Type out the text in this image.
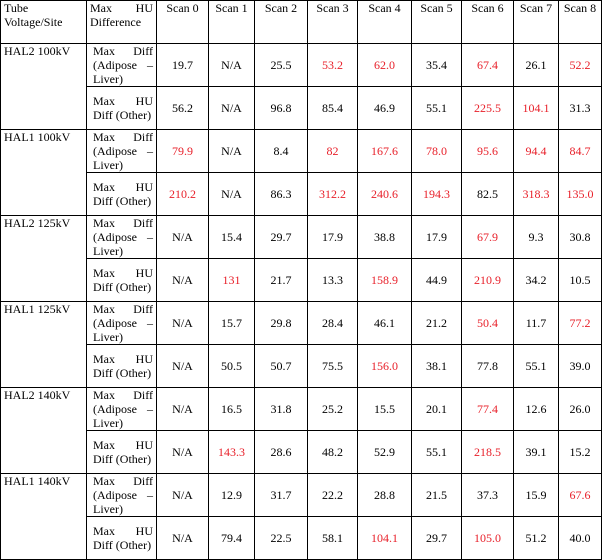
Tube Voltage/Site	Max HU Difference	Scan 0	Scan 1	Scan 2	Scan 3	Scan 4	Scan 5	Scan 6	Scan 7	Scan 8
HAL2 100kV	Max Diff (Adipose – Liver)	19.7	N/A	25.5	53.2	62.0	35.4	67.4	26.1	52.2
	Max HU Diff (Other)	56.2	N/A	96.8	85.4	46.9	55.1	225.5	104.1	31.3
HAL1 100kV	Max Diff (Adipose – Liver)	79.9	N/A	8.4	82	167.6	78.0	95.6	94.4	84.7
	Max HU Diff (Other)	210.2	N/A	86.3	312.2	240.6	194.3	82.5	318.3	135.0
HAL2 125kV	Max Diff (Adipose – Liver)	N/A	15.4	29.7	17.9	38.8	17.9	67.9	9.3	30.8
	Max HU Diff (Other)	N/A	131	21.7	13.3	158.9	44.9	210.9	34.2	10.5
HAL1 125kV	Max Diff (Adipose – Liver)	N/A	15.7	29.8	28.4	46.1	21.2	50.4	11.7	77.2
	Max HU Diff (Other)	N/A	50.5	50.7	75.5	156.0	38.1	77.8	55.1	39.0
HAL2 140kV	Max Diff (Adipose – Liver)	N/A	16.5	31.8	25.2	15.5	20.1	77.4	12.6	26.0
	Max HU Diff (Other)	N/A	143.3	28.6	48.2	52.9	55.1	218.5	39.1	15.2
HAL1 140kV	Max Diff (Adipose – Liver)	N/A	12.9	31.7	22.2	28.8	21.5	37.3	15.9	67.6
	Max HU Diff (Other)	N/A	79.4	22.5	58.1	104.1	29.7	105.0	51.2	40.0
